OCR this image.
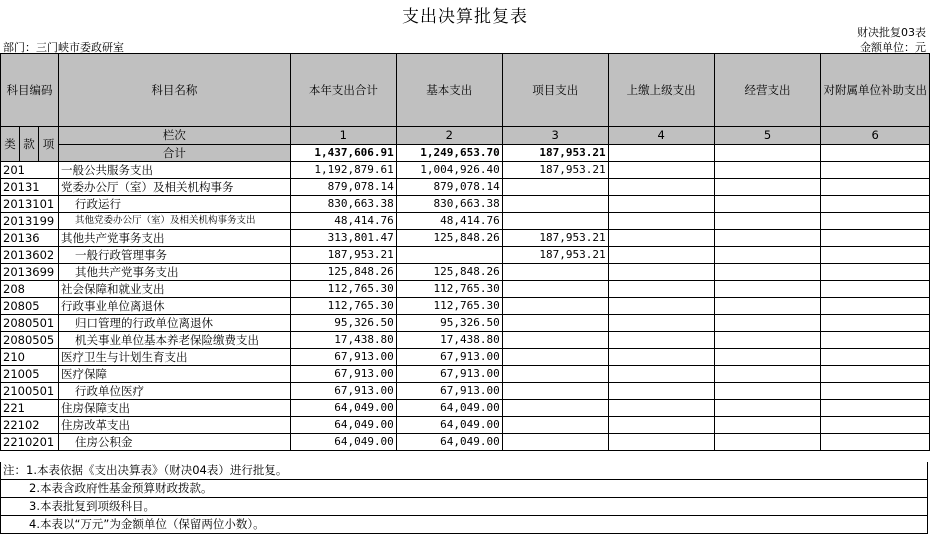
支出决算批复表
财决批复03表
部门：三门峡市委政研室	金额单位：元
科目编码			科目名称	本年支出合计	基本支出	项目支出	上缴上级支出	经营支出	对附属单位补助支出
类	款	项	栏次	1	2	3	4	5	6
			合计	1,437,606.91	1,249,653.70	187,953.21			
201			一般公共服务支出	1,192,879.61	1,004,926.40	187,953.21			
20131			党委办公厅（室）及相关机构事务	879,078.14	879,078.14				
2013101			行政运行	830,663.38	830,663.38				
2013199			其他党委办公厅（室）及相关机构事务支出	48,414.76	48,414.76				
20136			其他共产党事务支出	313,801.47	125,848.26	187,953.21			
2013602			一般行政管理事务	187,953.21		187,953.21			
2013699			其他共产党事务支出	125,848.26	125,848.26				
208			社会保障和就业支出	112,765.30	112,765.30				
20805			行政事业单位离退休	112,765.30	112,765.30				
2080501			归口管理的行政单位离退休	95,326.50	95,326.50				
2080505			机关事业单位基本养老保险缴费支出	17,438.80	17,438.80				
210			医疗卫生与计划生育支出	67,913.00	67,913.00				
21005			医疗保障	67,913.00	67,913.00				
2100501			行政单位医疗	67,913.00	67,913.00				
221			住房保障支出	64,049.00	64,049.00				
22102			住房改革支出	64,049.00	64,049.00				
2210201			住房公积金	64,049.00	64,049.00				
注：1.本表依据《支出决算表》（财决04表）进行批复。
2.本表含政府性基金预算财政拨款。
3.本表批复到项级科目。
4.本表以“万元”为金额单位（保留两位小数）。
